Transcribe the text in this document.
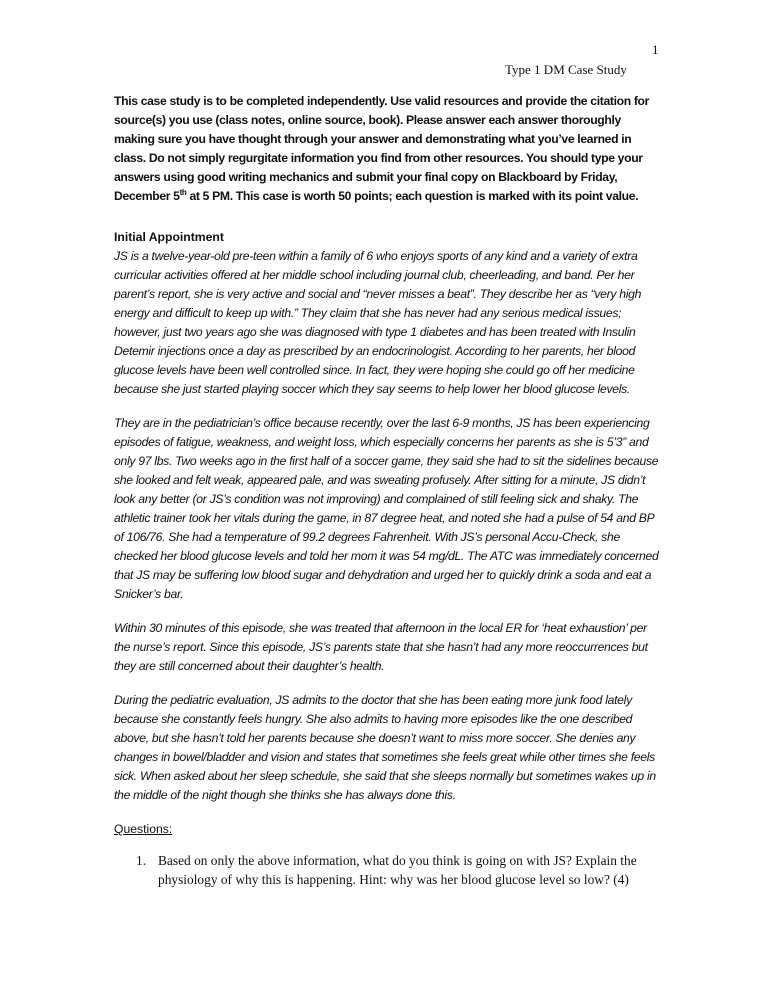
1
Type 1 DM Case Study

This case study is to be completed independently. Use valid resources and provide the citation for source(s) you use (class notes, online source, book). Please answer each answer thoroughly making sure you have thought through your answer and demonstrating what you’ve learned in class. Do not simply regurgitate information you find from other resources. You should type your answers using good writing mechanics and submit your final copy on Blackboard by Friday, December 5th at 5 PM. This case is worth 50 points; each question is marked with its point value.

Initial Appointment

JS is a twelve-year-old pre-teen within a family of 6 who enjoys sports of any kind and a variety of extra curricular activities offered at her middle school including journal club, cheerleading, and band. Per her parent’s report, she is very active and social and “never misses a beat”. They describe her as “very high energy and difficult to keep up with.” They claim that she has never had any serious medical issues; however, just two years ago she was diagnosed with type 1 diabetes and has been treated with Insulin Detemir injections once a day as prescribed by an endocrinologist. According to her parents, her blood glucose levels have been well controlled since. In fact, they were hoping she could go off her medicine because she just started playing soccer which they say seems to help lower her blood glucose levels.

They are in the pediatrician’s office because recently, over the last 6-9 months, JS has been experiencing episodes of fatigue, weakness, and weight loss, which especially concerns her parents as she is 5’3” and only 97 lbs. Two weeks ago in the first half of a soccer game, they said she had to sit the sidelines because she looked and felt weak, appeared pale, and was sweating profusely. After sitting for a minute, JS didn’t look any better (or JS’s condition was not improving) and complained of still feeling sick and shaky. The athletic trainer took her vitals during the game, in 87 degree heat, and noted she had a pulse of 54 and BP of 106/76. She had a temperature of 99.2 degrees Fahrenheit. With JS’s personal Accu-Check, she checked her blood glucose levels and told her mom it was 54 mg/dL. The ATC was immediately concerned that JS may be suffering low blood sugar and dehydration and urged her to quickly drink a soda and eat a Snicker’s bar.

Within 30 minutes of this episode, she was treated that afternoon in the local ER for ‘heat exhaustion’ per the nurse’s report. Since this episode, JS’s parents state that she hasn’t had any more reoccurrences but they are still concerned about their daughter’s health.

During the pediatric evaluation, JS admits to the doctor that she has been eating more junk food lately because she constantly feels hungry. She also admits to having more episodes like the one described above, but she hasn’t told her parents because she doesn’t want to miss more soccer. She denies any changes in bowel/bladder and vision and states that sometimes she feels great while other times she feels sick. When asked about her sleep schedule, she said that she sleeps normally but sometimes wakes up in the middle of the night though she thinks she has always done this.

Questions:
1. Based on only the above information, what do you think is going on with JS? Explain the physiology of why this is happening. Hint: why was her blood glucose level so low? (4)
